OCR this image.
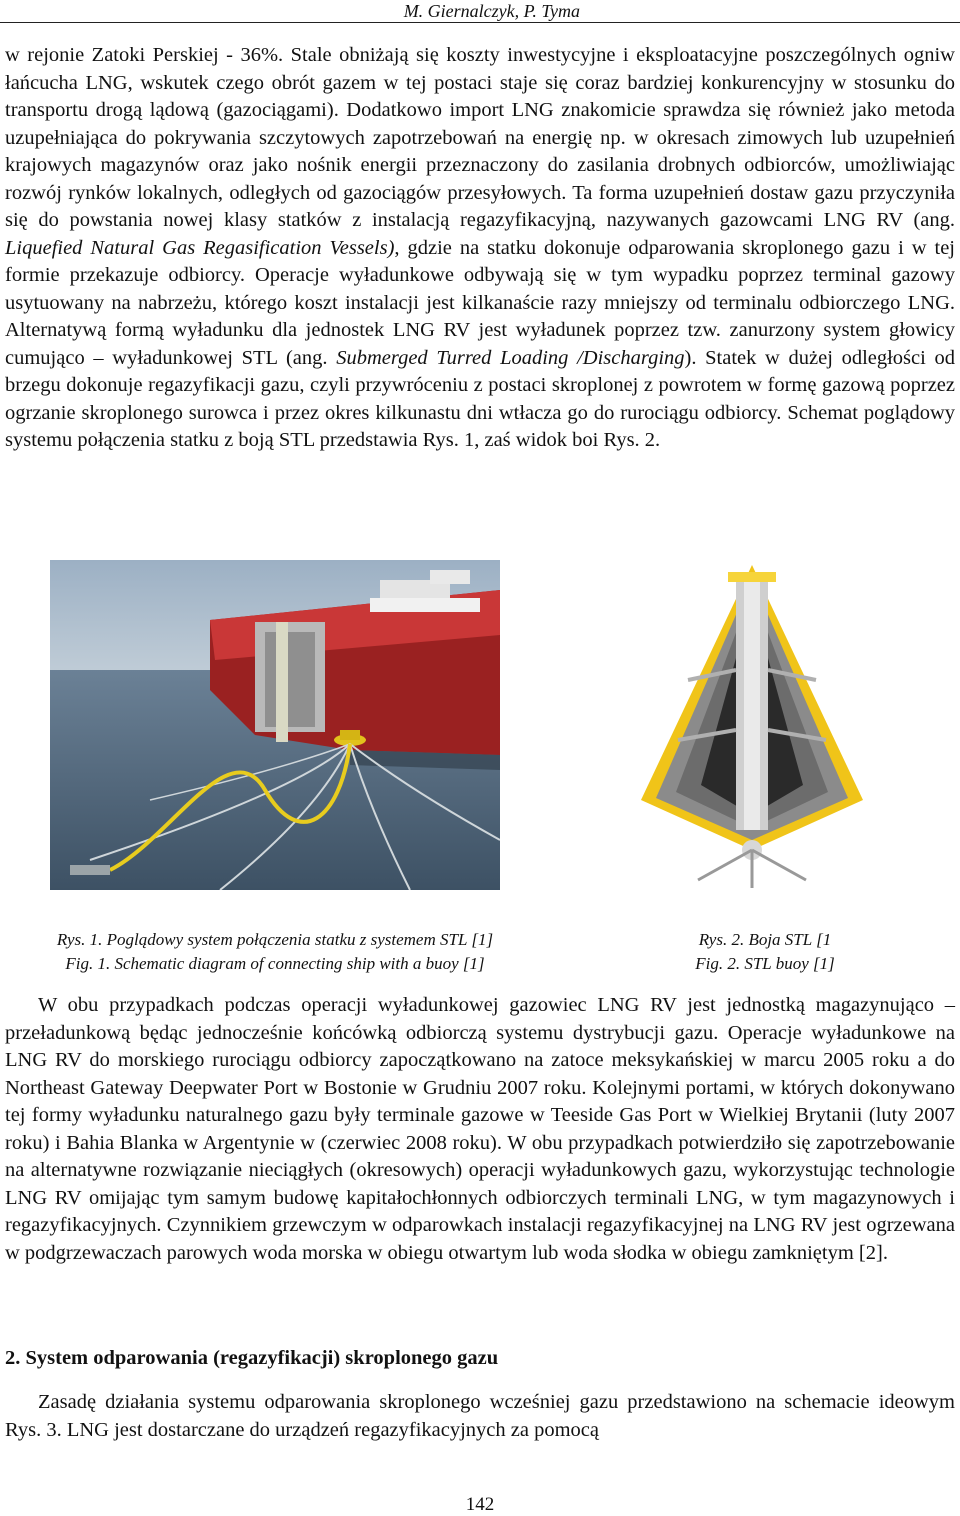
M. Giernalczyk, P. Tyma

w rejonie Zatoki Perskiej - 36%. Stale obniżają się koszty inwestycyjne i eksploatacyjne poszczególnych ogniw łańcucha LNG, wskutek czego obrót gazem w tej postaci staje się coraz bardziej konkurencyjny w stosunku do transportu drogą lądową (gazociągami). Dodatkowo import LNG znakomicie sprawdza się również jako metoda uzupełniająca do pokrywania szczytowych zapotrzebowań na energię np. w okresach zimowych lub uzupełnień krajowych magazynów oraz jako nośnik energii przeznaczony do zasilania drobnych odbiorców, umożliwiając rozwój rynków lokalnych, odległych od gazociągów przesyłowych. Ta forma uzupełnień dostaw gazu przyczyniła się do powstania nowej klasy statków z instalacją regazyfikacyjną, nazywanych gazowcami LNG RV (ang. Liquefied Natural Gas Regasification Vessels), gdzie na statku dokonuje odparowania skroplonego gazu i w tej formie przekazuje odbiorcy. Operacje wyładunkowe odbywają się w tym wypadku poprzez terminal gazowy usytuowany na nabrzeżu, którego koszt instalacji jest kilkanaście razy mniejszy od terminalu odbiorczego LNG. Alternatywą formą wyładunku dla jednostek LNG RV jest wyładunek poprzez tzw. zanurzony system głowicy cumująco – wyładunkowej STL (ang. Submerged Turred Loading /Discharging). Statek w dużej odległości od brzegu dokonuje regazyfikacji gazu, czyli przywróceniu z postaci skroplonej z powrotem w formę gazową poprzez ogrzanie skroplonego surowca i przez okres kilkunastu dni wtłacza go do rurociągu odbiorcy. Schemat poglądowy systemu połączenia statku z boją STL przedstawia Rys. 1, zaś widok boi Rys. 2.

Rys. 1. Poglądowy system połączenia statku z systemem STL [1]
Fig. 1. Schematic diagram of connecting ship with a buoy [1]
Rys. 2. Boja STL [1
Fig. 2. STL buoy [1]

W obu przypadkach podczas operacji wyładunkowej gazowiec LNG RV jest jednostką magazynująco – przeładunkową będąc jednocześnie końcówką odbiorczą systemu dystrybucji gazu. Operacje wyładunkowe na LNG RV do morskiego rurociągu odbiorcy zapoczątkowano na zatoce meksykańskiej w marcu 2005 roku a do Northeast Gateway Deepwater Port w Bostonie w Grudniu 2007 roku. Kolejnymi portami, w których dokonywano tej formy wyładunku naturalnego gazu były terminale gazowe w Teeside Gas Port w Wielkiej Brytanii (luty 2007 roku) i Bahia Blanka w Argentynie w (czerwiec 2008 roku). W obu przypadkach potwierdziło się zapotrzebowanie na alternatywne rozwiązanie nieciągłych (okresowych) operacji wyładunkowych gazu, wykorzystując technologie LNG RV omijając tym samym budowę kapitałochłonnych odbiorczych terminali LNG, w tym magazynowych i regazyfikacyjnych. Czynnikiem grzewczym w odparowkach instalacji regazyfikacyjnej na LNG RV jest ogrzewana w podgrzewaczach parowych woda morska w obiegu otwartym lub woda słodka w obiegu zamkniętym [2].

2. System odparowania (regazyfikacji) skroplonego gazu

Zasadę działania systemu odparowania skroplonego wcześniej gazu przedstawiono na schemacie ideowym Rys. 3. LNG jest dostarczane do urządzeń regazyfikacyjnych za pomocą

142
